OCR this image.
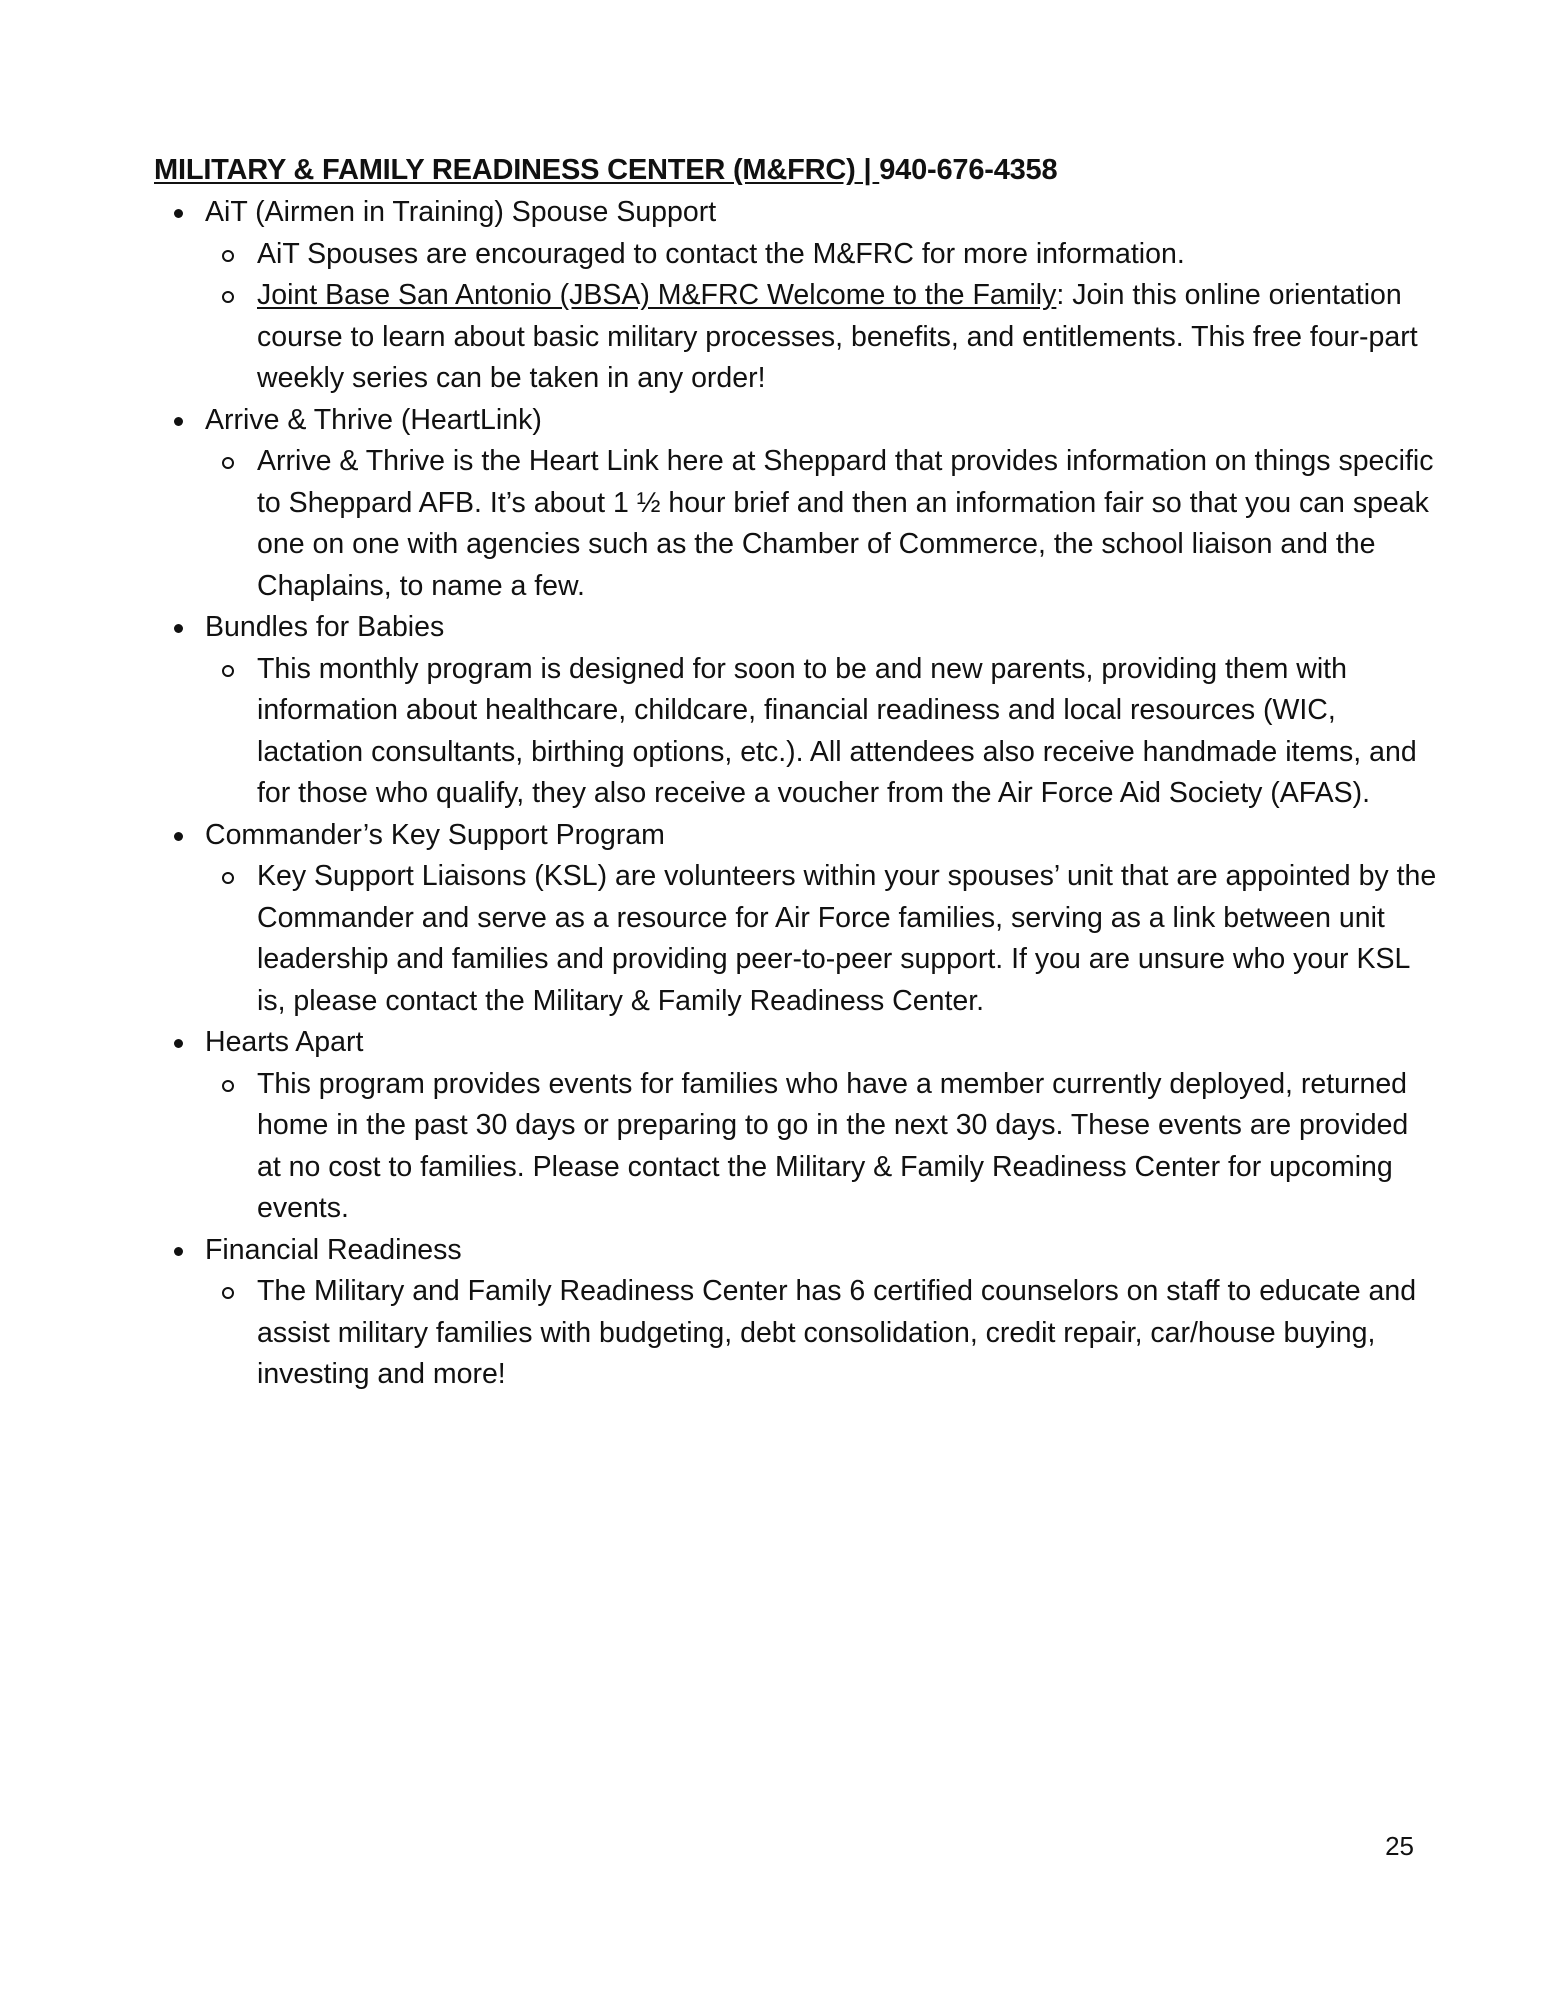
MILITARY & FAMILY READINESS CENTER (M&FRC) | 940-676-4358
AiT (Airmen in Training) Spouse Support
AiT Spouses are encouraged to contact the M&FRC for more information.
Joint Base San Antonio (JBSA) M&FRC Welcome to the Family: Join this online orientation course to learn about basic military processes, benefits, and entitlements. This free four-part weekly series can be taken in any order!
Arrive & Thrive (HeartLink)
Arrive & Thrive is the Heart Link here at Sheppard that provides information on things specific to Sheppard AFB. It’s about 1 ½ hour brief and then an information fair so that you can speak one on one with agencies such as the Chamber of Commerce, the school liaison and the Chaplains, to name a few.
Bundles for Babies
This monthly program is designed for soon to be and new parents, providing them with information about healthcare, childcare, financial readiness and local resources (WIC, lactation consultants, birthing options, etc.). All attendees also receive handmade items, and for those who qualify, they also receive a voucher from the Air Force Aid Society (AFAS).
Commander’s Key Support Program
Key Support Liaisons (KSL) are volunteers within your spouses’ unit that are appointed by the Commander and serve as a resource for Air Force families, serving as a link between unit leadership and families and providing peer-to-peer support. If you are unsure who your KSL is, please contact the Military & Family Readiness Center.
Hearts Apart
This program provides events for families who have a member currently deployed, returned home in the past 30 days or preparing to go in the next 30 days. These events are provided at no cost to families. Please contact the Military & Family Readiness Center for upcoming events.
Financial Readiness
The Military and Family Readiness Center has 6 certified counselors on staff to educate and assist military families with budgeting, debt consolidation, credit repair, car/house buying, investing and more!
25
